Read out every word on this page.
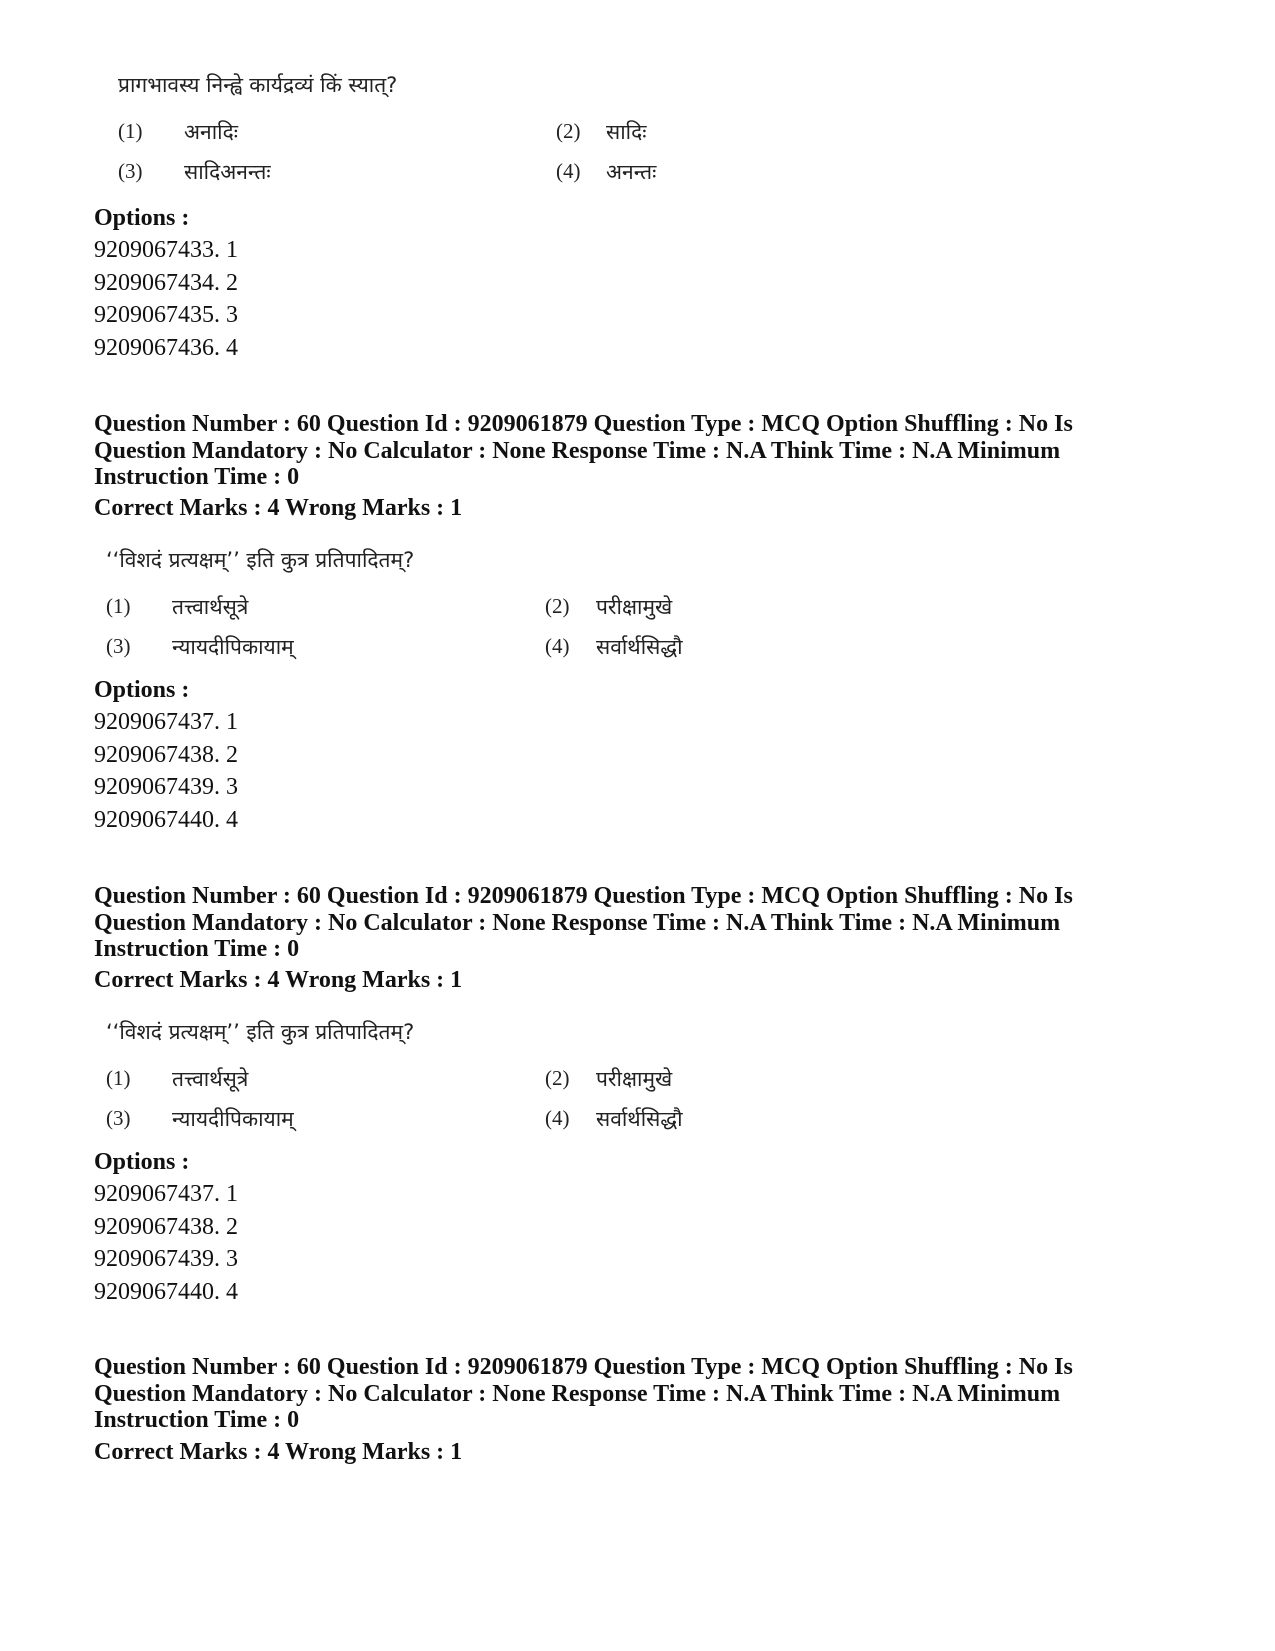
प्रागभावस्य निन्ह्वे कार्यद्रव्यं किं स्यात्?
(1) अनादिः	(2) सादिः
(3) सादिअनन्तः	(4) अनन्तः
Options :
9209067433. 1
9209067434. 2
9209067435. 3
9209067436. 4
Question Number : 60 Question Id : 9209061879 Question Type : MCQ Option Shuffling : No Is
Question Mandatory : No Calculator : None Response Time : N.A Think Time : N.A Minimum
Instruction Time : 0
Correct Marks : 4 Wrong Marks : 1
‘‘विशदं प्रत्यक्षम्’’ इति कुत्र प्रतिपादितम्?
(1) तत्त्वार्थसूत्रे	(2) परीक्षामुखे
(3) न्यायदीपिकायाम्	(4) सर्वार्थसिद्धौ
Options :
9209067437. 1
9209067438. 2
9209067439. 3
9209067440. 4
Question Number : 60 Question Id : 9209061879 Question Type : MCQ Option Shuffling : No Is
Question Mandatory : No Calculator : None Response Time : N.A Think Time : N.A Minimum
Instruction Time : 0
Correct Marks : 4 Wrong Marks : 1
‘‘विशदं प्रत्यक्षम्’’ इति कुत्र प्रतिपादितम्?
(1) तत्त्वार्थसूत्रे	(2) परीक्षामुखे
(3) न्यायदीपिकायाम्	(4) सर्वार्थसिद्धौ
Options :
9209067437. 1
9209067438. 2
9209067439. 3
9209067440. 4
Question Number : 60 Question Id : 9209061879 Question Type : MCQ Option Shuffling : No Is
Question Mandatory : No Calculator : None Response Time : N.A Think Time : N.A Minimum
Instruction Time : 0
Correct Marks : 4 Wrong Marks : 1
